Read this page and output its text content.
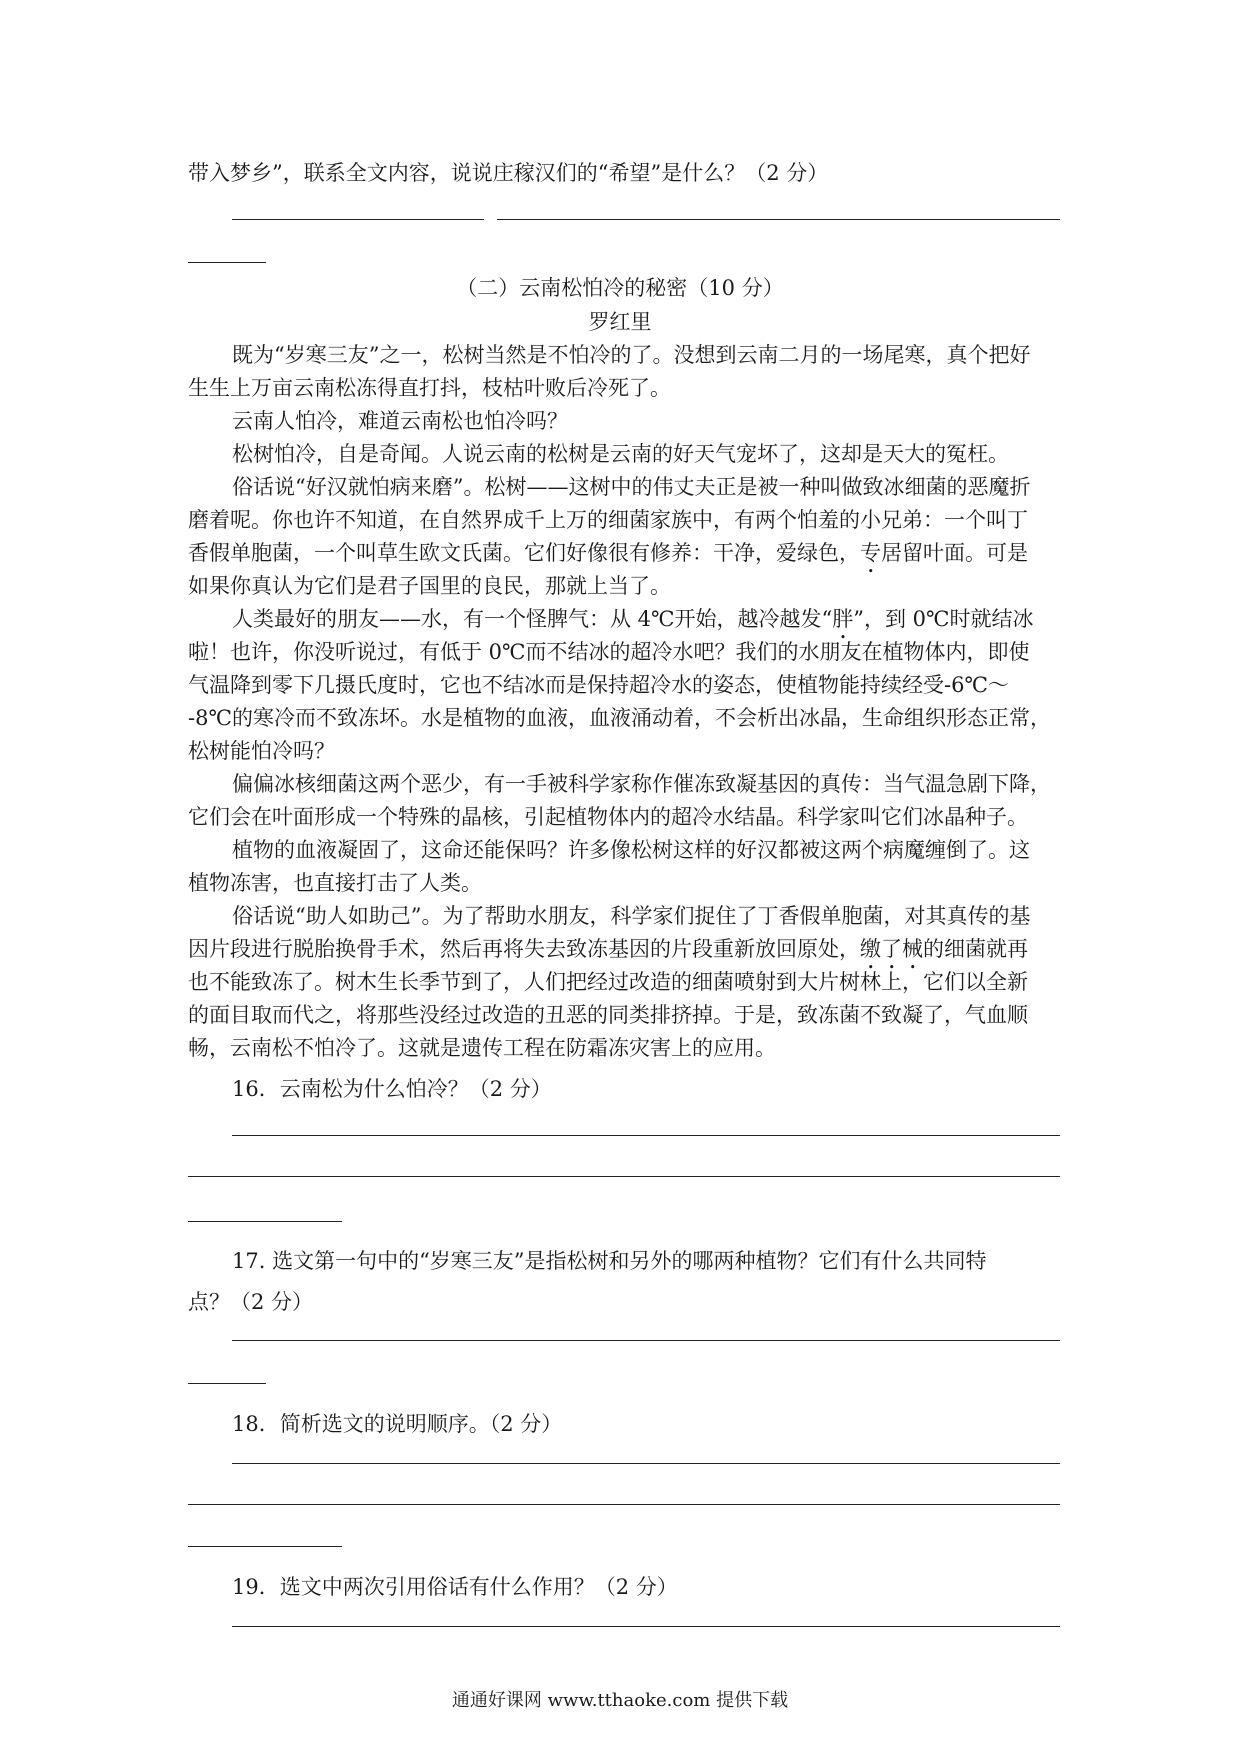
带入梦乡”，联系全文内容，说说庄稼汉们的“希望”是什么？（2 分）
（二）云南松怕冷的秘密（10 分）
罗红里
既为“岁寒三友”之一，松树当然是不怕冷的了。没想到云南二月的一场尾寒，真个把好
生生上万亩云南松冻得直打抖，枝枯叶败后冷死了。
云南人怕冷，难道云南松也怕冷吗？
松树怕冷，自是奇闻。人说云南的松树是云南的好天气宠坏了，这却是天大的冤枉。
俗话说“好汉就怕病来磨”。松树——这树中的伟丈夫正是被一种叫做致冰细菌的恶魔折
磨着呢。你也许不知道，在自然界成千上万的细菌家族中，有两个怕羞的小兄弟：一个叫丁
香假单胞菌，一个叫草生欧文氏菌。它们好像很有修养：干净，爱绿色，专居留叶面。可是
如果你真认为它们是君子国里的良民，那就上当了。
人类最好的朋友——水，有一个怪脾气：从 4℃开始，越冷越发“胖”，到 0℃时就结冰
啦！也许，你没听说过，有低于 0℃而不结冰的超冷水吧？我们的水朋友在植物体内，即使
气温降到零下几摄氏度时，它也不结冰而是保持超冷水的姿态，使植物能持续经受-6℃～
-8℃的寒冷而不致冻坏。水是植物的血液，血液涌动着，不会析出冰晶，生命组织形态正常，
松树能怕冷吗？
偏偏冰核细菌这两个恶少，有一手被科学家称作催冻致凝基因的真传：当气温急剧下降，
它们会在叶面形成一个特殊的晶核，引起植物体内的超冷水结晶。科学家叫它们冰晶种子。
植物的血液凝固了，这命还能保吗？许多像松树这样的好汉都被这两个病魔缠倒了。这
植物冻害，也直接打击了人类。
俗话说“助人如助己”。为了帮助水朋友，科学家们捉住了丁香假单胞菌，对其真传的基
因片段进行脱胎换骨手术，然后再将失去致冻基因的片段重新放回原处，缴了械的细菌就再
也不能致冻了。树木生长季节到了，人们把经过改造的细菌喷射到大片树林上，它们以全新
的面目取而代之，将那些没经过改造的丑恶的同类排挤掉。于是，致冻菌不致凝了，气血顺
畅，云南松不怕冷了。这就是遗传工程在防霜冻灾害上的应用。
16．云南松为什么怕冷？（2 分）
17. 选文第一句中的“岁寒三友”是指松树和另外的哪两种植物？它们有什么共同特
点？（2 分）
18．简析选文的说明顺序。（2 分）
19．选文中两次引用俗话有什么作用？（2 分）
通通好课网 www.tthaoke.com 提供下载
